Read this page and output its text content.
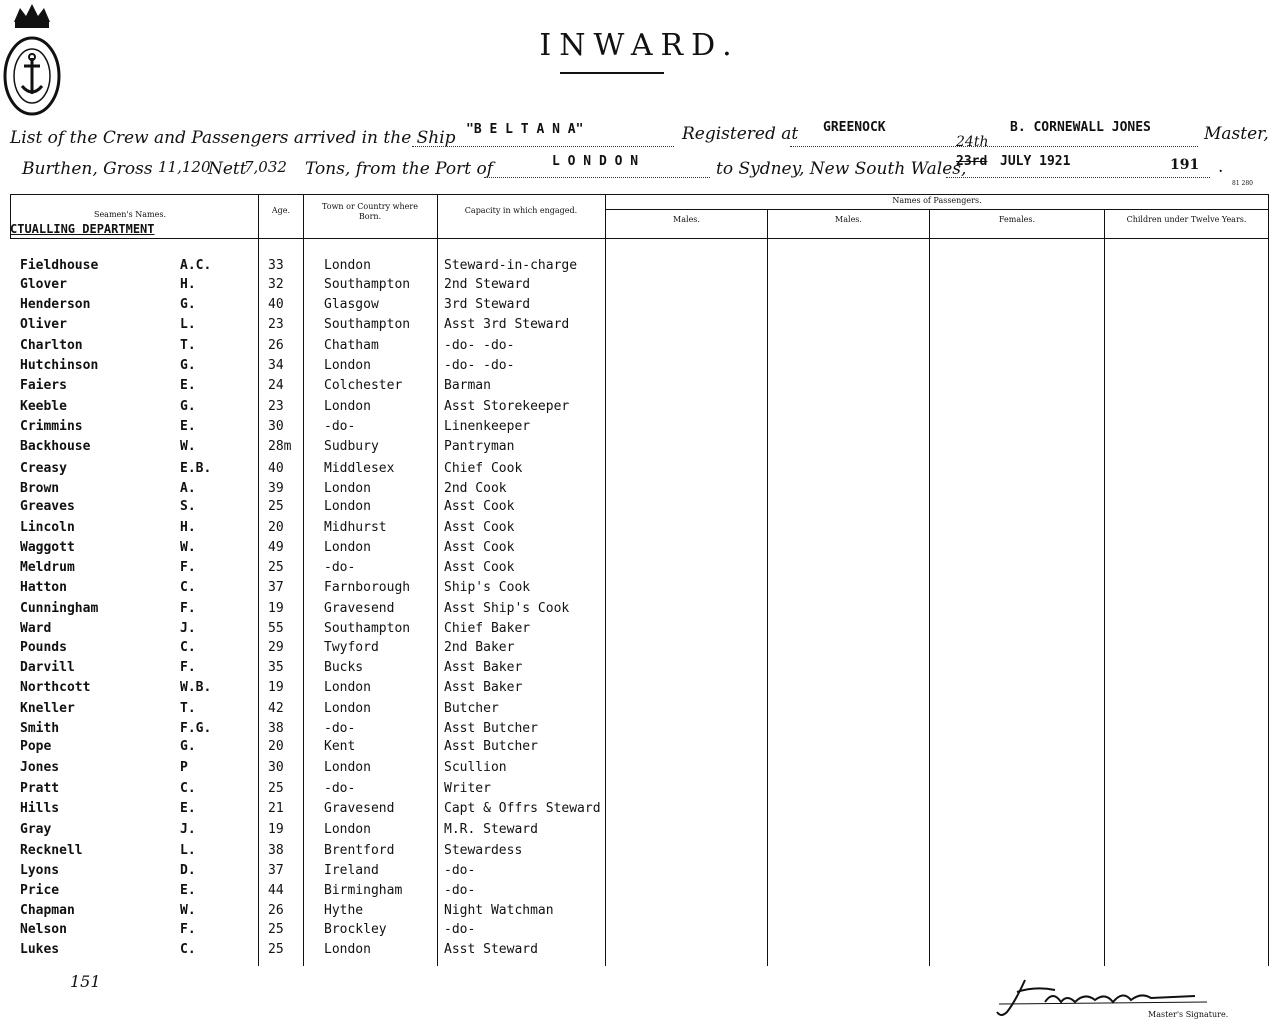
INWARD.
List of the Crew and Passengers arrived in the Ship "B E L T A N A"	Registered at GREENOCK	B. CORNEWALL JONES	Master,
Burthen, Gross 11,120
Nett
7,032 Tons, from the Port of	L O N D O N	to Sydney, New South Wales,
24th
23rd JULY 1921	191 .
81 280
Seamen's Names.	Age.	Town or Country where Born.
Capacity in which engaged.
Names of Passengers.
Males.	Males.	Females.	Children under Twelve Years.
CTUALLING DEPARTMENT
Fieldhouse	A.C.	33	London	Steward-in-charge
Glover	H.	32	Southampton	2nd Steward
Henderson	G.	40	Glasgow	3rd Steward
Oliver	L.	23	Southampton	Asst 3rd Steward
Charlton	T.	26	Chatham	-do- -do-
Hutchinson	G.	34	London	-do- -do-
Faiers	E.	24	Colchester	Barman
Keeble	G.	23	London	Asst Storekeeper
Crimmins	E.	30	-do-	Linenkeeper
Backhouse	W.	28m	Sudbury	Pantryman
Creasy	E.B.	40	Middlesex	Chief Cook
Brown	A.	39	London	2nd Cook
Greaves	S.	25	London	Asst Cook
Lincoln	H.	20	Midhurst	Asst Cook
Waggott	W.	49	London	Asst Cook
Meldrum	F.	25	-do-	Asst Cook
Hatton	C.	37	Farnborough	Ship's Cook
Cunningham	F.	19	Gravesend	Asst Ship's Cook
Ward	J.	55	Southampton	Chief Baker
Pounds	C.	29	Twyford	2nd Baker
Darvill	F.	35	Bucks	Asst Baker
Northcott	W.B.	19	London	Asst Baker
Kneller	T.	42	London	Butcher
Smith	F.G.	38	-do-	Asst Butcher
Pope	G.	20	Kent	Asst Butcher
Jones	P	30	London	Scullion
Pratt	C.	25	-do-	Writer
Hills	E.	21	Gravesend	Capt & Offrs Steward
Gray	J.	19	London	M.R. Steward
Recknell	L.	38	Brentford	Stewardess
Lyons	D.	37	Ireland	-do-
Price	E.	44	Birmingham	-do-
Chapman	W.	26	Hythe	Night Watchman
Nelson	F.	25	Brockley	-do-
Lukes	C.	25	London	Asst Steward
151
Master's Signature.
